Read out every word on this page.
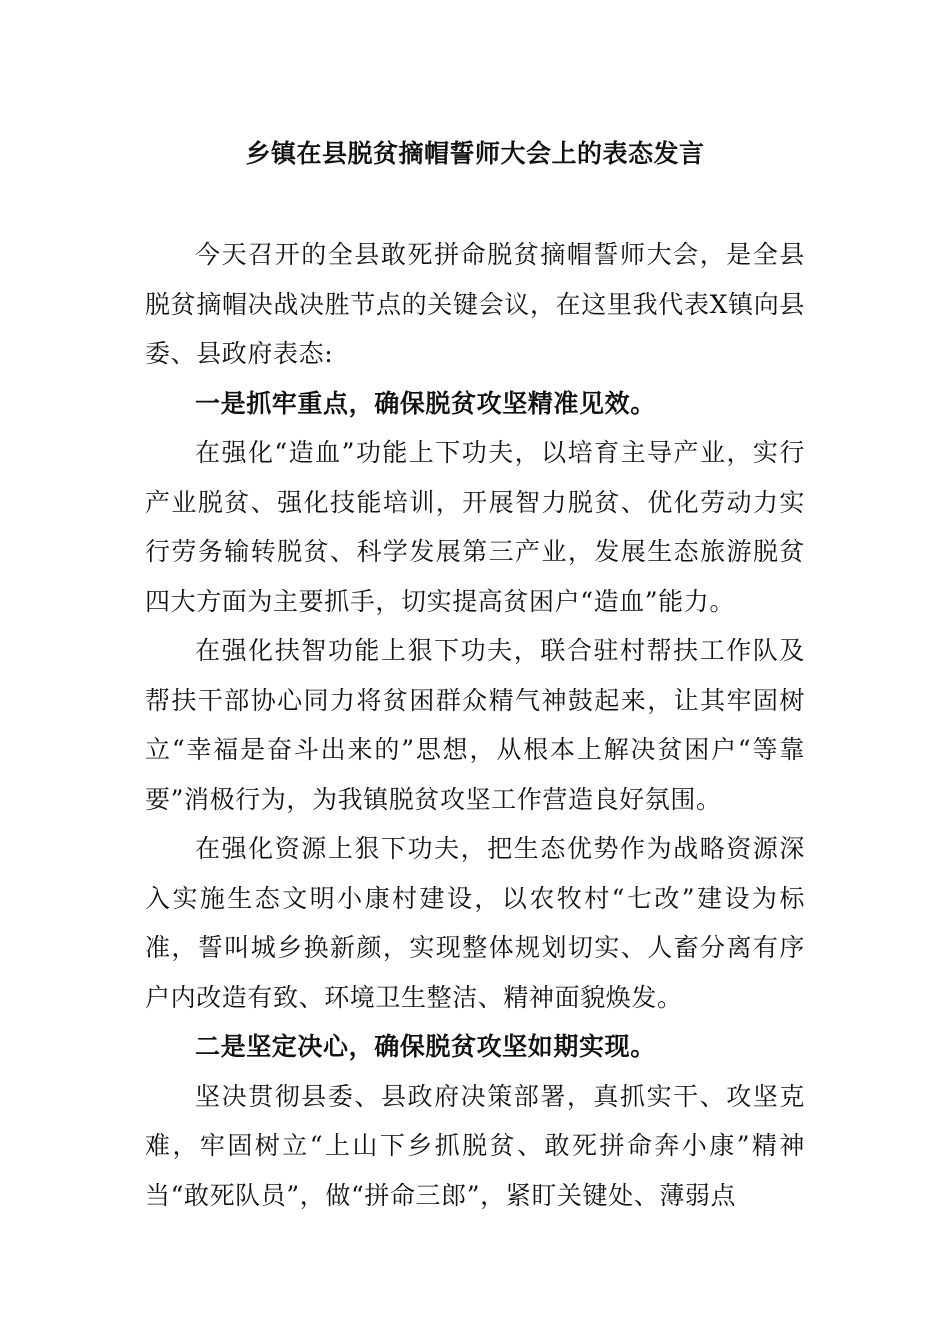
乡镇在县脱贫摘帽誓师大会上的表态发言

今天召开的全县敢死拼命脱贫摘帽誓师大会，是全县脱贫摘帽决战决胜节点的关键会议，在这里我代表X镇向县委、县政府表态:

一是抓牢重点，确保脱贫攻坚精准见效。

在强化“造血”功能上下功夫，以培育主导产业，实行产业脱贫、强化技能培训，开展智力脱贫、优化劳动力实行劳务输转脱贫、科学发展第三产业，发展生态旅游脱贫四大方面为主要抓手，切实提高贫困户“造血”能力。

在强化扶智功能上狠下功夫，联合驻村帮扶工作队及帮扶干部协心同力将贫困群众精气神鼓起来，让其牢固树立“幸福是奋斗出来的”思想，从根本上解决贫困户“等靠要”消极行为，为我镇脱贫攻坚工作营造良好氛围。

在强化资源上狠下功夫，把生态优势作为战略资源深入实施生态文明小康村建设，以农牧村“七改”建设为标准，誓叫城乡换新颜，实现整体规划切实、人畜分离有序户内改造有致、环境卫生整洁、精神面貌焕发。

二是坚定决心，确保脱贫攻坚如期实现。

坚决贯彻县委、县政府决策部署，真抓实干、攻坚克难，牢固树立“上山下乡抓脱贫、敢死拼命奔小康”精神当“敢死队员”，做“拼命三郎”，紧盯关键处、薄弱点
